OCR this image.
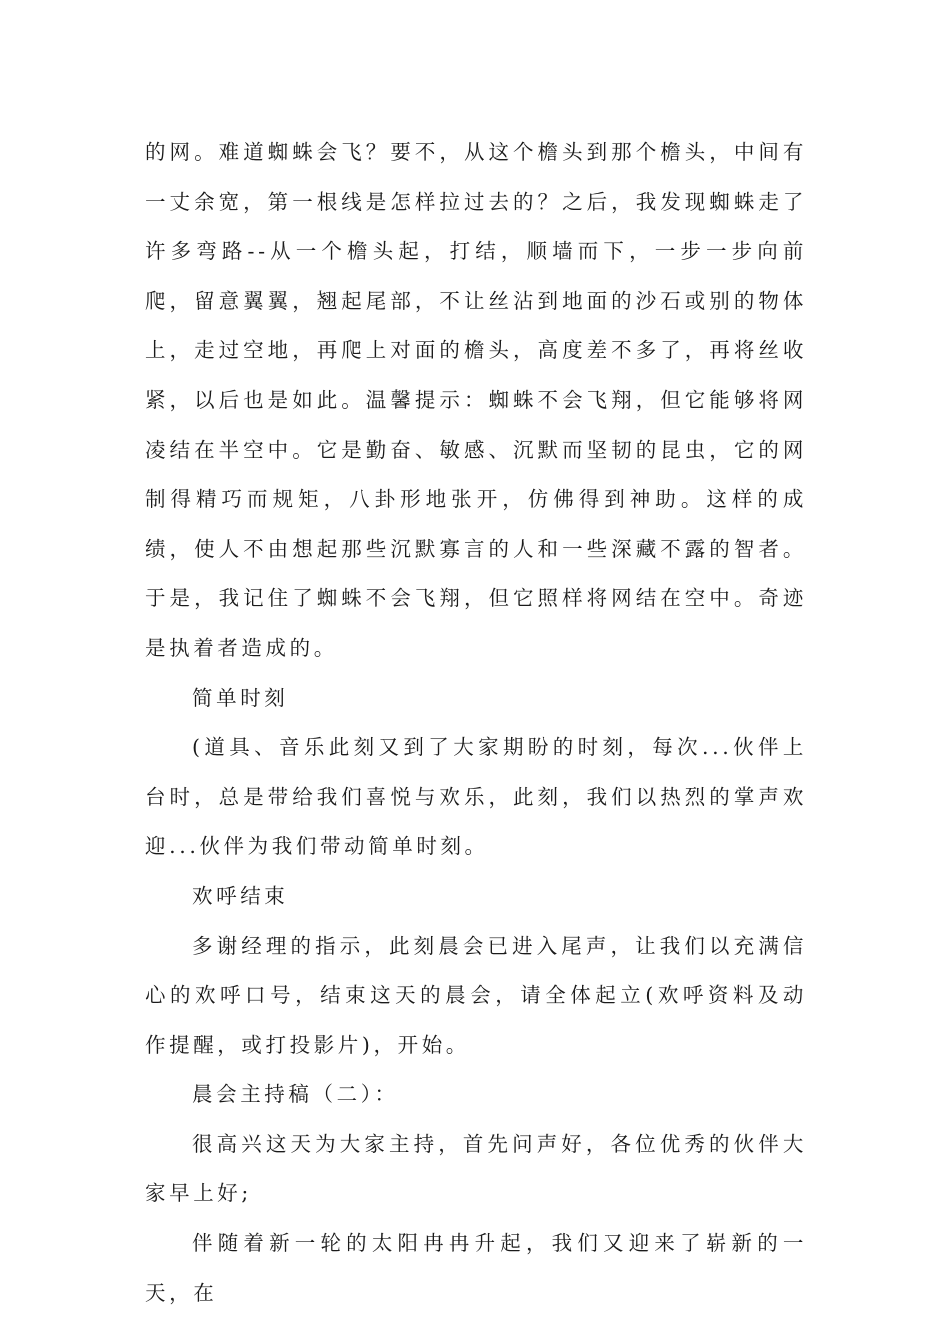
的网。难道蜘蛛会飞？要不，从这个檐头到那个檐头，中间有一丈余宽，第一根线是怎样拉过去的？之后，我发现蜘蛛走了许多弯路--从一个檐头起，打结，顺墙而下，一步一步向前爬，留意翼翼，翘起尾部，不让丝沾到地面的沙石或别的物体上，走过空地，再爬上对面的檐头，高度差不多了，再将丝收紧，以后也是如此。温馨提示：蜘蛛不会飞翔，但它能够将网凌结在半空中。它是勤奋、敏感、沉默而坚韧的昆虫，它的网制得精巧而规矩，八卦形地张开，仿佛得到神助。这样的成绩，使人不由想起那些沉默寡言的人和一些深藏不露的智者。于是，我记住了蜘蛛不会飞翔，但它照样将网结在空中。奇迹是执着者造成的。

简单时刻

(道具、音乐此刻又到了大家期盼的时刻，每次...伙伴上台时，总是带给我们喜悦与欢乐，此刻，我们以热烈的掌声欢迎...伙伴为我们带动简单时刻。

欢呼结束

多谢经理的指示，此刻晨会已进入尾声，让我们以充满信心的欢呼口号，结束这天的晨会，请全体起立(欢呼资料及动作提醒，或打投影片)，开始。

晨会主持稿（二）：

很高兴这天为大家主持，首先问声好，各位优秀的伙伴大家早上好;

伴随着新一轮的太阳冉冉升起，我们又迎来了崭新的一天，在
